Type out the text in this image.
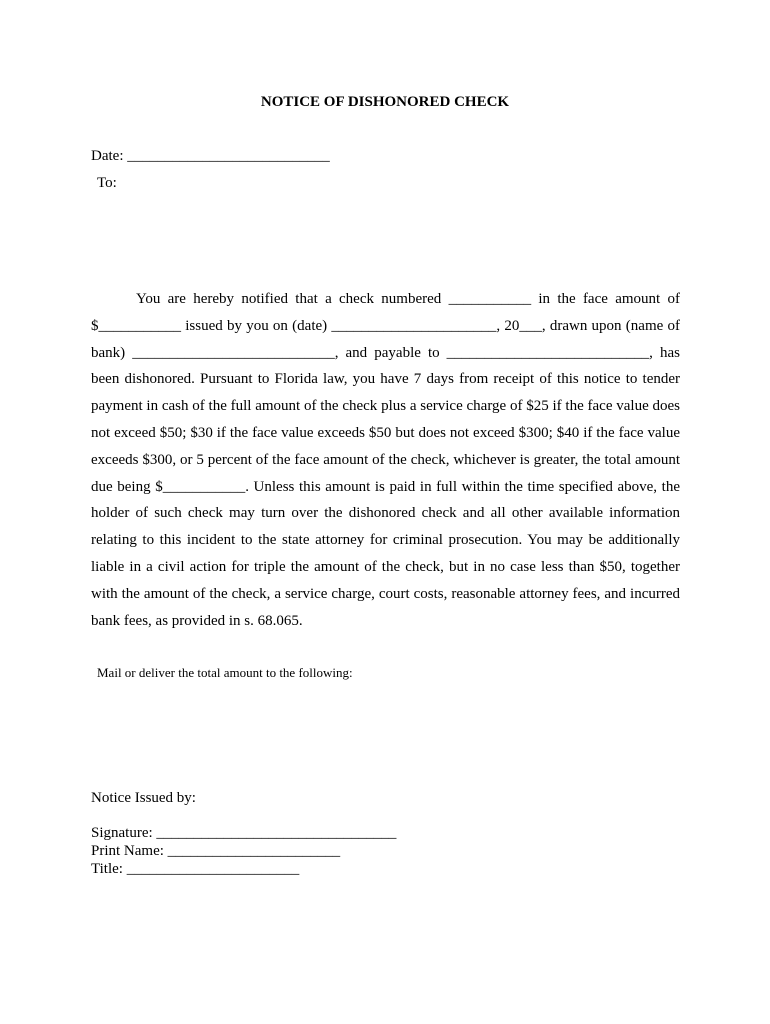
NOTICE OF DISHONORED CHECK
Date: ___________________________
To:

You are hereby notified that a check numbered ___________ in the face amount of $___________ issued by you on (date) ______________________, 20___, drawn upon (name of bank) ___________________________, and payable to ___________________________, has been dishonored. Pursuant to Florida law, you have 7 days from receipt of this notice to tender payment in cash of the full amount of the check plus a service charge of $25 if the face value does not exceed $50; $30 if the face value exceeds $50 but does not exceed $300; $40 if the face value exceeds $300, or 5 percent of the face amount of the check, whichever is greater, the total amount due being $___________. Unless this amount is paid in full within the time specified above, the holder of such check may turn over the dishonored check and all other available information relating to this incident to the state attorney for criminal prosecution. You may be additionally liable in a civil action for triple the amount of the check, but in no case less than $50, together with the amount of the check, a service charge, court costs, reasonable attorney fees, and incurred bank fees, as provided in s. 68.065.

Mail or deliver the total amount to the following:
Notice Issued by:
Signature: ________________________________
Print Name: _______________________
Title: _______________________
